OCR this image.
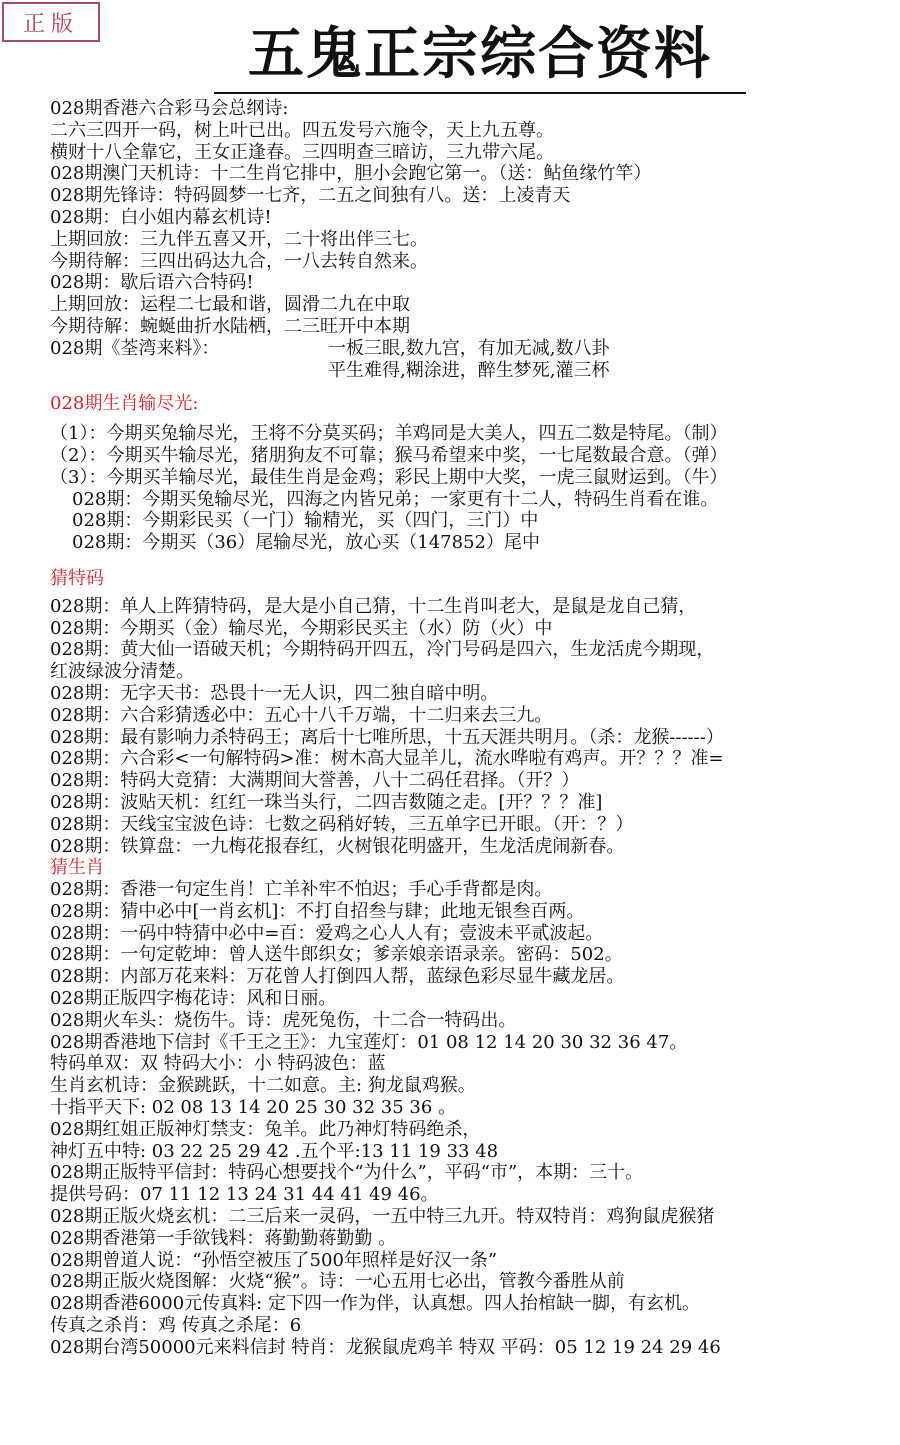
正版	五鬼正宗综合资料
028期香港六合彩马会总纲诗:
二六三四开一码，树上叶已出。四五发号六施令，天上九五尊。
横财十八全靠它，王女正逢春。三四明查三暗访，三九带六尾。
028期澳门天机诗：十二生肖它排中，胆小会跑它第一。（送：鲇鱼缘竹竿）
028期先锋诗：特码圆梦一七齐，二五之间独有八。送：上凌青天
028期：白小姐内幕玄机诗!
上期回放：三九伴五喜又开，二十将出伴三七。
今期待解：三四出码达九合，一八去转自然来。
028期：歇后语六合特码!
上期回放：运程二七最和谐，圆滑二九在中取
今期待解：蜿蜒曲折水陆栖，二三旺开中本期
028期《荃湾来料》：	一板三眼,数九宫，有加无减,数八卦
平生难得,糊涂进，醉生梦死,灌三杯
028期生肖输尽光:
（1）：今期买兔输尽光，王将不分莫买码；羊鸡同是大美人，四五二数是特尾。（制）
（2）：今期买牛输尽光，猪朋狗友不可靠；猴马希望来中奖，一七尾数最合意。（弹）
（3）：今期买羊输尽光，最佳生肖是金鸡；彩民上期中大奖，一虎三鼠财运到。（牛）
028期：今期买兔输尽光，四海之内皆兄弟；一家更有十二人，特码生肖看在谁。
028期：今期彩民买（一门）输精光，买（四门，三门）中
028期：今期买（36）尾输尽光，放心买（147852）尾中
猜特码
028期：单人上阵猜特码，是大是小自己猜，十二生肖叫老大，是鼠是龙自己猜，
028期：今期买（金）输尽光，今期彩民买主（水）防（火）中
028期：黄大仙一语破天机；今期特码开四五，冷门号码是四六，生龙活虎今期现，
红波绿波分清楚。
028期：无字天书：恐畏十一无人识，四二独自暗中明。
028期：六合彩猜透必中：五心十八千万端，十二归来去三九。
028期：最有影响力杀特码王；离后十七唯所思，十五天涯共明月。（杀：龙猴------）
028期：六合彩<一句解特码>准：树木高大显羊儿，流水哗啦有鸡声。开？？？准=
028期：特码大竞猜：大满期间大誉善，八十二码任君择。（开？）
028期：波贴天机：红红一珠当头行，二四吉数随之走。[开？？？准]
028期：天线宝宝波色诗：七数之码稍好转，三五单字已开眼。（开：？）
028期：铁算盘：一九梅花报春红，火树银花明盛开，生龙活虎闹新春。
猜生肖
028期：香港一句定生肖！亡羊补牢不怕迟；手心手背都是肉。
028期：猜中必中[一肖玄机]：不打自招叁与肆；此地无银叁百两。
028期：一码中特猜中必中=百：爱鸡之心人人有；壹波未平贰波起。
028期：一句定乾坤：曾人送牛郎织女；爹亲娘亲语录亲。密码：502。
028期：内部万花来料：万花曾人打倒四人帮，蓝绿色彩尽显牛藏龙居。
028期正版四字梅花诗：风和日丽。
028期火车头：烧伤牛。诗：虎死兔伤，十二合一特码出。
028期香港地下信封《千王之王》：九宝莲灯：01 08 12 14 20 30 32 36 47。
特码单双：双 特码大小：小 特码波色：蓝
生肖玄机诗：金猴跳跃，十二如意。主: 狗龙鼠鸡猴。
十指平天下: 02 08 13 14 20 25 30 32 35 36 。
028期红姐正版神灯禁支：兔羊。此乃神灯特码绝杀，
神灯五中特: 03 22 25 29 42 .五个平:13 11 19 33 48
028期正版特平信封：特码心想要找个“为什么”，平码“市”，本期：三十。
提供号码：07 11 12 13 24 31 44 41 49 46。
028期正版火烧玄机：二三后来一灵码，一五中特三九开。特双特肖：鸡狗鼠虎猴猪
028期香港第一手欲钱料：蒋勤勤蒋勤勤 。
028期曾道人说：“孙悟空被压了500年照样是好汉一条”
028期正版火烧图解：火烧“猴”。诗：一心五用七必出，管教今番胜从前
028期香港6000元传真料: 定下四一作为伴，认真想。四人抬棺缺一脚，有玄机。
传真之杀肖：鸡 传真之杀尾：6
028期台湾50000元来料信封 特肖：龙猴鼠虎鸡羊 特双 平码：05 12 19 24 29 46
